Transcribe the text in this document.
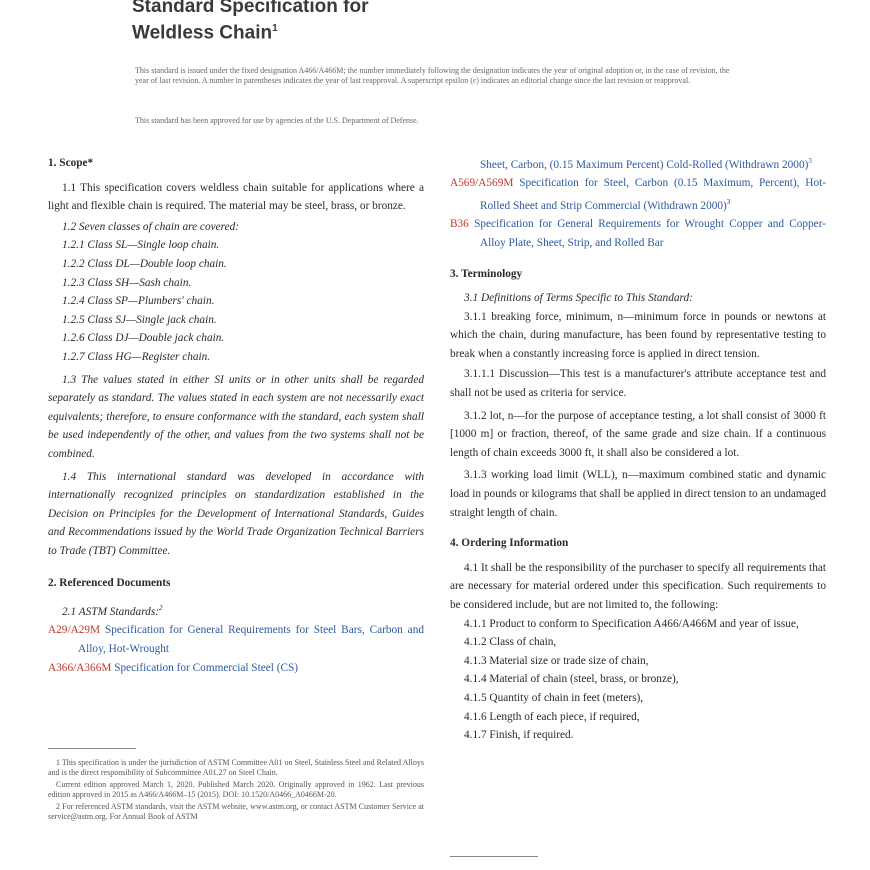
Standard Specification for
Weldless Chain$^1$
This standard is issued under the fixed designation A466/A466M; the number immediately following the designation indicates the year of original adoption or, in the case of revision, the year of last revision. A number in parentheses indicates the year of last reapproval. A superscript epsilon (ε) indicates an editorial change since the last revision or reapproval.
This standard has been approved for use by agencies of the U.S. Department of Defense.

1. Scope*

1.1 This specification covers weldless chain suitable for applications where a light and flexible chain is required. The material may be steel, brass, or bronze.

1.2 Seven classes of chain are covered:

1.2.1 Class SL—Single loop chain.

1.2.2 Class DL—Double loop chain.

1.2.3 Class SH—Sash chain.

1.2.4 Class SP—Plumbers' chain.

1.2.5 Class SJ—Single jack chain.

1.2.6 Class DJ—Double jack chain.

1.2.7 Class HG—Register chain.

1.3 The values stated in either SI units or in other units shall be regarded separately as standard. The values stated in each system are not necessarily exact equivalents; therefore, to ensure conformance with the standard, each system shall be used independently of the other, and values from the two systems shall not be combined.

1.4 This international standard was developed in accordance with internationally recognized principles on standardization established in the Decision on Principles for the Development of International Standards, Guides and Recommendations issued by the World Trade Organization Technical Barriers to Trade (TBT) Committee.

2. Referenced Documents

2.1 ASTM Standards:$^2$

A29/A29M Specification for General Requirements for Steel Bars, Carbon and Alloy, Hot-Wrought

A366/A366M Specification for Commercial Steel (CS)

1 This specification is under the jurisdiction of ASTM Committee A01 on Steel, Stainless Steel and Related Alloys and is the direct responsibility of Subcommittee A01.27 on Steel Chain.

Current edition approved March 1, 2020. Published March 2020. Originally approved in 1962. Last previous edition approved in 2015 as A466/A466M–15 (2015). DOI: 10.1520/A0466_A0466M-20.

2 For referenced ASTM standards, visit the ASTM website, www.astm.org, or contact ASTM Customer Service at service@astm.org. For Annual Book of ASTM

Sheet, Carbon, (0.15 Maximum Percent) Cold-Rolled (Withdrawn 2000)$^3$

A569/A569M Specification for Steel, Carbon (0.15 Maximum, Percent), Hot-Rolled Sheet and Strip Commercial (Withdrawn 2000)$^3$

B36 Specification for General Requirements for Wrought Copper and Copper-Alloy Plate, Sheet, Strip, and Rolled Bar

3. Terminology

3.1 Definitions of Terms Specific to This Standard:

3.1.1 breaking force, minimum, n—minimum force in pounds or newtons at which the chain, during manufacture, has been found by representative testing to break when a constantly increasing force is applied in direct tension.

3.1.1.1 Discussion—This test is a manufacturer's attribute acceptance test and shall not be used as criteria for service.

3.1.2 lot, n—for the purpose of acceptance testing, a lot shall consist of 3000 ft [1000 m] or fraction, thereof, of the same grade and size chain. If a continuous length of chain exceeds 3000 ft, it shall also be considered a lot.

3.1.3 working load limit (WLL), n—maximum combined static and dynamic load in pounds or kilograms that shall be applied in direct tension to an undamaged straight length of chain.

4. Ordering Information

4.1 It shall be the responsibility of the purchaser to specify all requirements that are necessary for material ordered under this specification. Such requirements to be considered include, but are not limited to, the following:

4.1.1 Product to conform to Specification A466/A466M and year of issue,

4.1.2 Class of chain,

4.1.3 Material size or trade size of chain,

4.1.4 Material of chain (steel, brass, or bronze),

4.1.5 Quantity of chain in feet (meters),

4.1.6 Length of each piece, if required,

4.1.7 Finish, if required.
